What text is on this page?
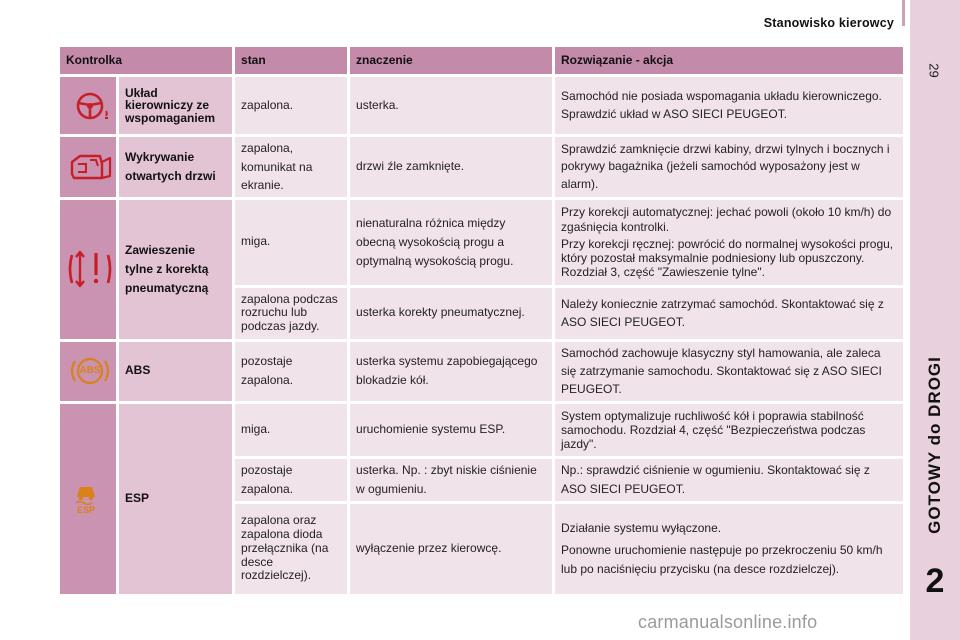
Stanowisko kierowcy
29
GOTOWY do DROGI
2
Kontrolka		stan	znaczenie	Rozwiązanie - akcja
	Układ kierowniczy ze wspomaganiem	zapalona.	usterka.	Samochód nie posiada wspomagania układu kierowniczego. Sprawdzić układ w ASO SIECI PEUGEOT.
	Wykrywanie otwartych drzwi	zapalona, komunikat na ekranie.	drzwi źle zamknięte.	Sprawdzić zamknięcie drzwi kabiny, drzwi tylnych i bocznych i pokrywy bagażnika (jeżeli samochód wyposażony jest w alarm).
	Zawieszenie tylne z korektą pneumatyczną	miga.	nienaturalna różnica między obecną wysokością progu a optymalną wysokością progu.	Przy korekcji automatycznej: jechać powoli (około 10 km/h) do zgaśnięcia kontrolki.
Przy korekcji ręcznej: powrócić do normalnej wysokości progu, który pozostał maksymalnie podniesiony lub opuszczony. Rozdział 3, część "Zawieszenie tylne".

		zapalona podczas rozruchu lub podczas jazdy.	usterka korekty pneumatycznej.	Należy koniecznie zatrzymać samochód. Skontaktować się z ASO SIECI PEUGEOT.

ABS	ABS	pozostaje zapalona.	usterka systemu zapobiegającego blokadzie kół.	Samochód zachowuje klasyczny styl hamowania, ale zaleca się zatrzymanie samochodu. Skontaktować się z ASO SIECI PEUGEOT.

ESP	ESP	miga.	uruchomienie systemu ESP.	System optymalizuje ruchliwość kół i poprawia stabilność samochodu. Rozdział 4, część "Bezpieczeństwa podczas jazdy".
		pozostaje zapalona.	usterka. Np. : zbyt niskie ciśnienie w ogumieniu.	Np.: sprawdzić ciśnienie w ogumieniu. Skontaktować się z ASO SIECI PEUGEOT.
		zapalona oraz zapalona dioda przełącznika (na desce rozdzielczej).	wyłączenie przez kierowcę.	Działanie systemu wyłączone.
Ponowne uruchomienie następuje po przekroczeniu 50 km/h lub po naciśnięciu przycisku (na desce rozdzielczej).
carmanualsonline.info
